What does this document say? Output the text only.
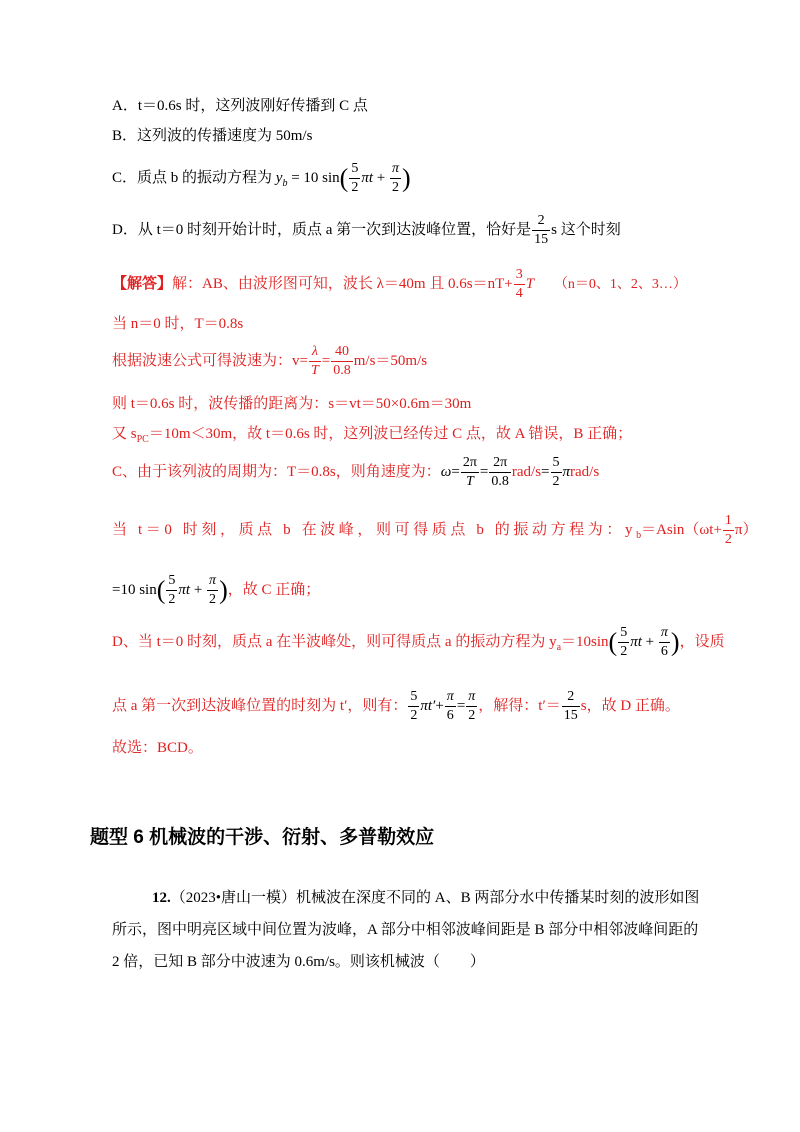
A．t＝0.6s 时，这列波刚好传播到 C 点
B．这列波的传播速度为 50m/s
C．质点 b 的振动方程为 $y_b = 10$ $\sin( \frac{5}{2}$ $\pi t + \frac{\pi}{2}$ )
D．从 t＝0 时刻开始计时，质点 a 第一次到达波峰位置，恰好是 $\frac{2}{15}$ s 这个时刻
【解答】解：AB、由波形图可知，波长 λ＝40m 且 $0.6s=nT+ \frac{3}{4}$ T （n＝0、1、2、3…）
当 n＝0 时，T＝0.8s
根据波速公式可得波速为：$v= \frac{\lambda}{T} = \frac{40}{0.8} m/s=50m/s$
则 t＝0.6s 时，波传播的距离为：s＝vt＝50×0.6m＝30m
又 $s_{PC}=10m<30m$，故 t＝0.6s 时，这列波已经传过 C 点，故 A 错误，B 正确；
C、由于该列波的周期为：T＝0.8s，则角速度为：$\omega= \frac{2\pi}{T} = \frac{2\pi}{0.8} rad/s= \frac{5}{2} \pi rad/s$
当 t＝0 时刻，质点 b 在波峰，则可得质点 b 的振动方程为：$y_b=Asin(\omega t+ \frac{1}{2} \pi)$
=10 $\sin( \frac{5}{2}$ $\pi t + \frac{\pi}{2}$ )，故 C 正确；
D、当 t＝0 时刻，质点 a 在半波峰处，则可得质点 a 的振动方程为 $y_a=10\sin( \frac{5}{2}$ $\pi t + \frac{\pi}{6}$ )，设质
点 a 第一次到达波峰位置的时刻为 t′，则有： $\frac{5}{2} \pi t'+ \frac{\pi}{6} = \frac{\pi}{2}$ ，解得：$t'= \frac{2}{15}$ s，故 D 正确。
故选：BCD。
题型 6 机械波的干涉、衍射、多普勒效应
12.（2023•唐山一模）机械波在深度不同的 A、B 两部分水中传播某时刻的波形如图所示，图中明亮区域中间位置为波峰，A 部分中相邻波峰间距是 B 部分中相邻波峰间距的 2 倍，已知 B 部分中波速为 0.6m/s。则该机械波（　　）
